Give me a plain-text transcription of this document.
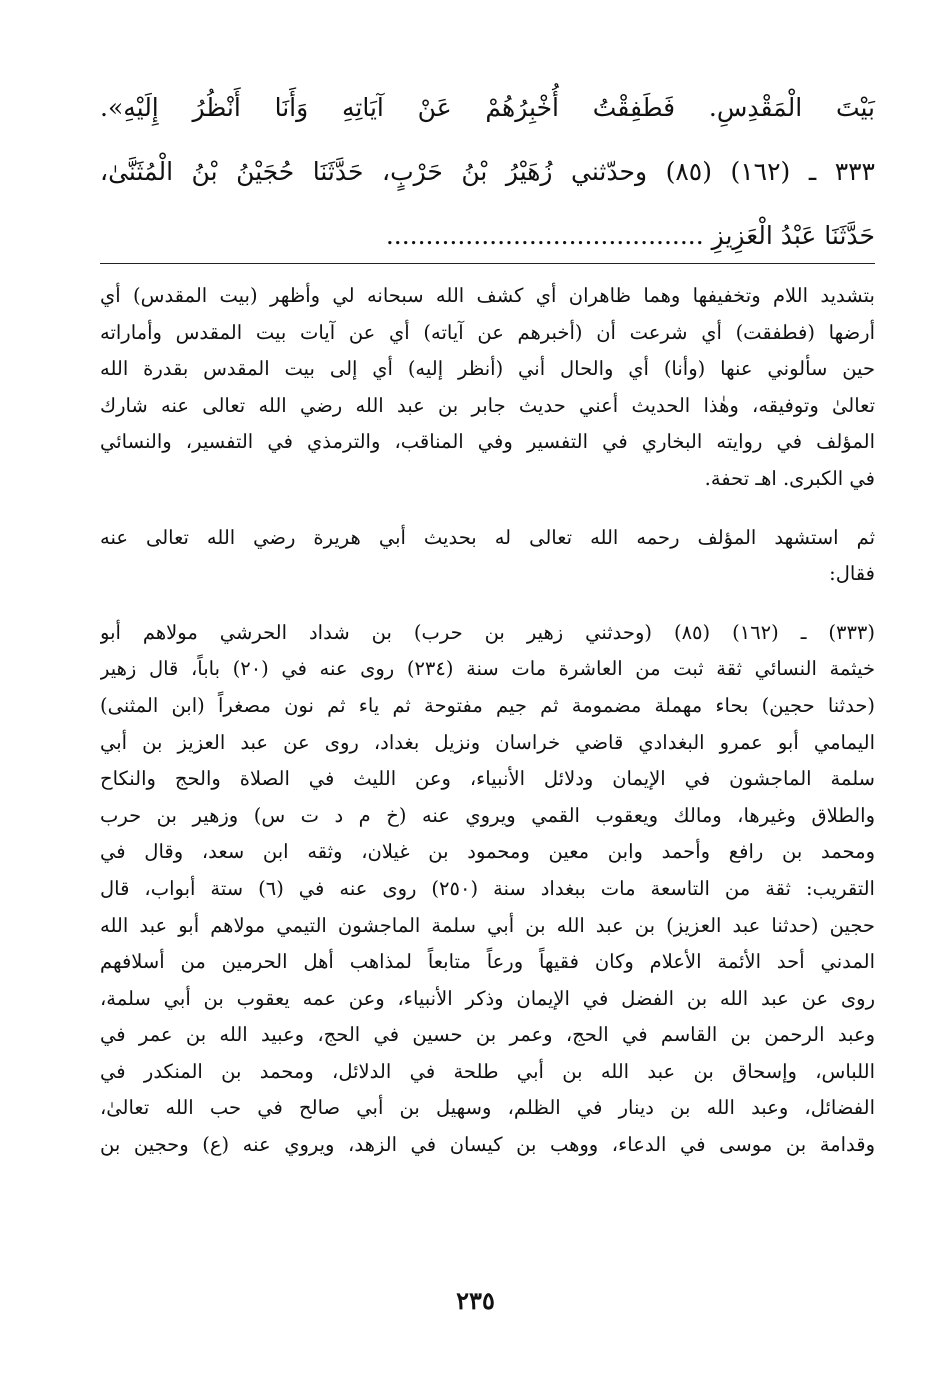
بَيْتَ الْمَقْدِسِ. فَطَفِقْتُ أُخْبِرُهُمْ عَنْ آيَاتِهِ وَأَنَا أَنْظُرُ إِلَيْهِ».
٣٣٣ ـ (١٦٢) (٨٥) وحدّثني زُهَيْرُ بْنُ حَرْبٍ، حَدَّثَنَا حُجَيْنُ بْنُ الْمُثَنَّىٰ،
حَدَّثَنَا عَبْدُ الْعَزِيزِ ........................................
بتشديد اللام وتخفيفها وهما ظاهران أي كشف الله سبحانه لي وأظهر (بيت المقدس) أي
أرضها (فطفقت) أي شرعت أن (أخبرهم عن آياته) أي عن آيات بيت المقدس وأماراته
حين سألوني عنها (وأنا) أي والحال أني (أنظر إليه) أي إلى بيت المقدس بقدرة الله
تعالىٰ وتوفيقه، وهٰذا الحديث أعني حديث جابر بن عبد الله رضي الله تعالى عنه شارك
المؤلف في روايته البخاري في التفسير وفي المناقب، والترمذي في التفسير، والنسائي
في الكبرى. اهـ تحفة.
ثم استشهد المؤلف رحمه الله تعالى له بحديث أبي هريرة رضي الله تعالى عنه
فقال:
(٣٣٣) ـ (١٦٢) (٨٥) (وحدثني زهير بن حرب) بن شداد الحرشي مولاهم أبو
خيثمة النسائي ثقة ثبت من العاشرة مات سنة (٢٣٤) روى عنه في (٢٠) باباً، قال زهير
(حدثنا حجين) بحاء مهملة مضمومة ثم جيم مفتوحة ثم ياء ثم نون مصغراً (ابن المثنى)
اليمامي أبو عمرو البغدادي قاضي خراسان ونزيل بغداد، روى عن عبد العزيز بن أبي
سلمة الماجشون في الإيمان ودلائل الأنبياء، وعن الليث في الصلاة والحج والنكاح
والطلاق وغيرها، ومالك ويعقوب القمي ويروي عنه (خ م د ت س) وزهير بن حرب
ومحمد بن رافع وأحمد وابن معين ومحمود بن غيلان، وثقه ابن سعد، وقال في
التقريب: ثقة من التاسعة مات ببغداد سنة (٢٥٠) روى عنه في (٦) ستة أبواب، قال
حجين (حدثنا عبد العزيز) بن عبد الله بن أبي سلمة الماجشون التيمي مولاهم أبو عبد الله
المدني أحد الأئمة الأعلام وكان فقيهاً ورعاً متابعاً لمذاهب أهل الحرمين من أسلافهم
روى عن عبد الله بن الفضل في الإيمان وذكر الأنبياء، وعن عمه يعقوب بن أبي سلمة،
وعبد الرحمن بن القاسم في الحج، وعمر بن حسين في الحج، وعبيد الله بن عمر في
اللباس، وإسحاق بن عبد الله بن أبي طلحة في الدلائل، ومحمد بن المنكدر في
الفضائل، وعبد الله بن دينار في الظلم، وسهيل بن أبي صالح في حب الله تعالىٰ،
وقدامة بن موسى في الدعاء، ووهب بن كيسان في الزهد، ويروي عنه (ع) وحجين بن
٢٣٥
